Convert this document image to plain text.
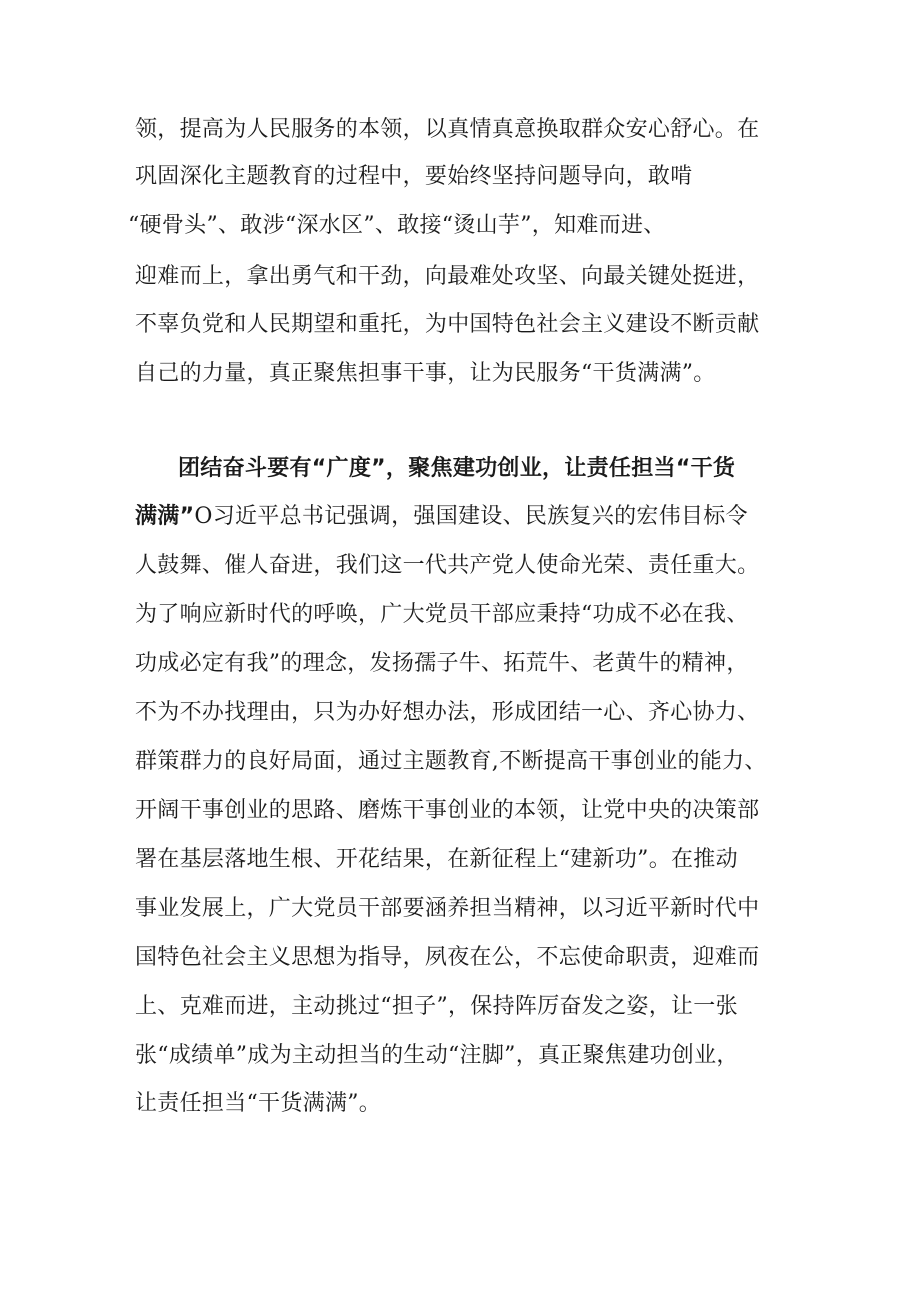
领，提高为人民服务的本领，以真情真意换取群众安心舒心。在
巩固深化主题教育的过程中，要始终坚持问题导向，敢啃
“硬骨头”、敢涉“深水区”、敢接“烫山芋”，知难而进、
迎难而上，拿出勇气和干劲，向最难处攻坚、向最关键处挺进，
不辜负党和人民期望和重托，为中国特色社会主义建设不断贡献
自己的力量，真正聚焦担事干事，让为民服务“干货满满”。
团结奋斗要有“广度”，聚焦建功创业，让责任担当“干货
满满”O习近平总书记强调，强国建设、民族复兴的宏伟目标令
人鼓舞、催人奋进，我们这一代共产党人使命光荣、责任重大。
为了响应新时代的呼唤，广大党员干部应秉持“功成不必在我、
功成必定有我”的理念，发扬孺子牛、拓荒牛、老黄牛的精神，
不为不办找理由，只为办好想办法，形成团结一心、齐心协力、
群策群力的良好局面，通过主题教育,不断提高干事创业的能力、
开阔干事创业的思路、磨炼干事创业的本领，让党中央的决策部
署在基层落地生根、开花结果，在新征程上“建新功”。在推动
事业发展上，广大党员干部要涵养担当精神，以习近平新时代中
国特色社会主义思想为指导，夙夜在公，不忘使命职责，迎难而
上、克难而进，主动挑过“担子”，保持阵厉奋发之姿，让一张
张“成绩单”成为主动担当的生动“注脚”，真正聚焦建功创业，
让责任担当“干货满满”。
